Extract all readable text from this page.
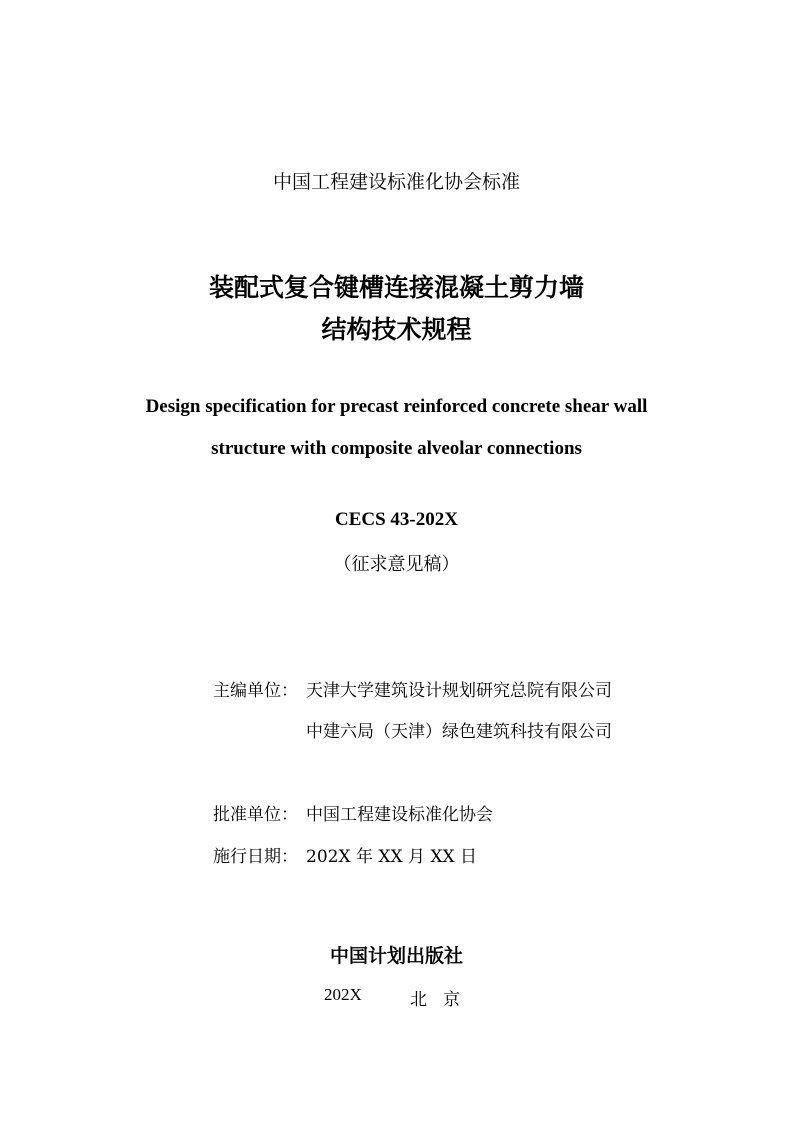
中国工程建设标准化协会标准
装配式复合键槽连接混凝土剪力墙
结构技术规程
Design specification for precast reinforced concrete shear wall
structure with composite alveolar connections
CECS 43-202X
（征求意见稿）
主编单位： 天津大学建筑设计规划研究总院有限公司
中建六局（天津）绿色建筑科技有限公司
批准单位： 中国工程建设标准化协会
施行日期： 202X 年 XX 月 XX 日
中国计划出版社
202X	北京
